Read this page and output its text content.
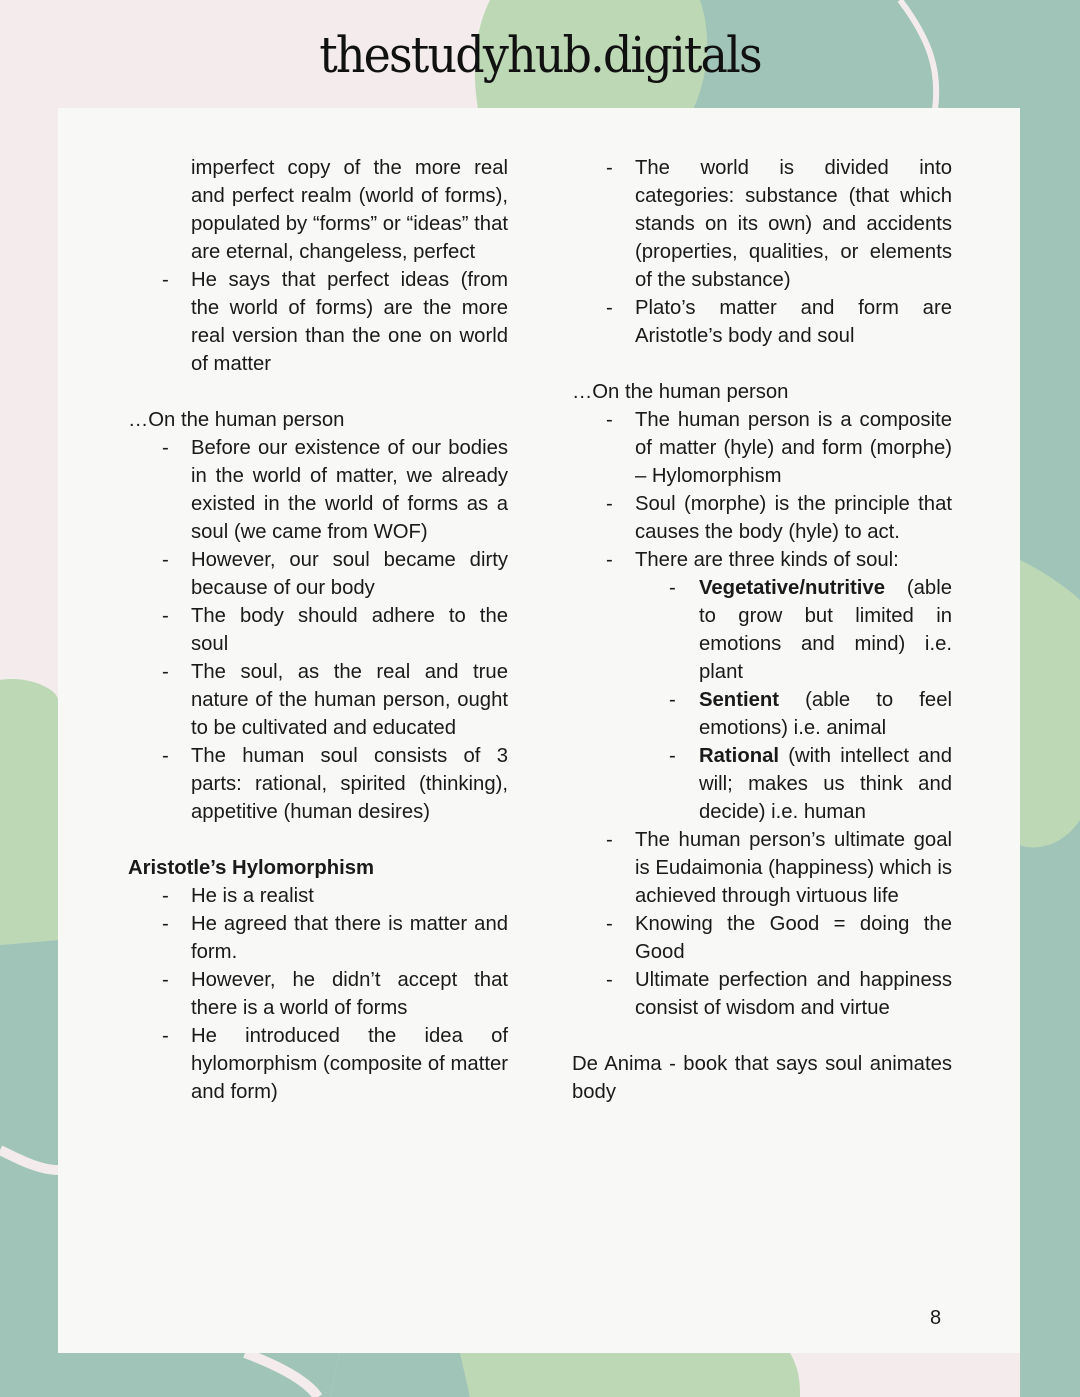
thestudyhub.digitals
imperfect copy of the more real and perfect realm (world of forms), populated by “forms” or “ideas” that are eternal, changeless, perfect
- He says that perfect ideas (from the world of forms) are the more real version than the one on world of matter
…On the human person
- Before our existence of our bodies in the world of matter, we already existed in the world of forms as a soul (we came from WOF)
- However, our soul became dirty because of our body
- The body should adhere to the soul
- The soul, as the real and true nature of the human person, ought to be cultivated and educated
- The human soul consists of 3 parts: rational, spirited (thinking), appetitive (human desires)
Aristotle’s Hylomorphism
- He is a realist
- He agreed that there is matter and form.
- However, he didn’t accept that there is a world of forms
- He introduced the idea of hylomorphism (composite of matter and form)
- The world is divided into categories: substance (that which stands on its own) and accidents (properties, qualities, or elements of the substance)
- Plato’s matter and form are Aristotle’s body and soul
…On the human person
- The human person is a composite of matter (hyle) and form (morphe) – Hylomorphism
- Soul (morphe) is the principle that causes the body (hyle) to act.
- There are three kinds of soul:
- Vegetative/nutritive (able to grow but limited in emotions and mind) i.e. plant
- Sentient (able to feel emotions) i.e. animal
- Rational (with intellect and will; makes us think and decide) i.e. human
- The human person’s ultimate goal is Eudaimonia (happiness) which is achieved through virtuous life
- Knowing the Good = doing the Good
- Ultimate perfection and happiness consist of wisdom and virtue
De Anima - book that says soul animates body
8
